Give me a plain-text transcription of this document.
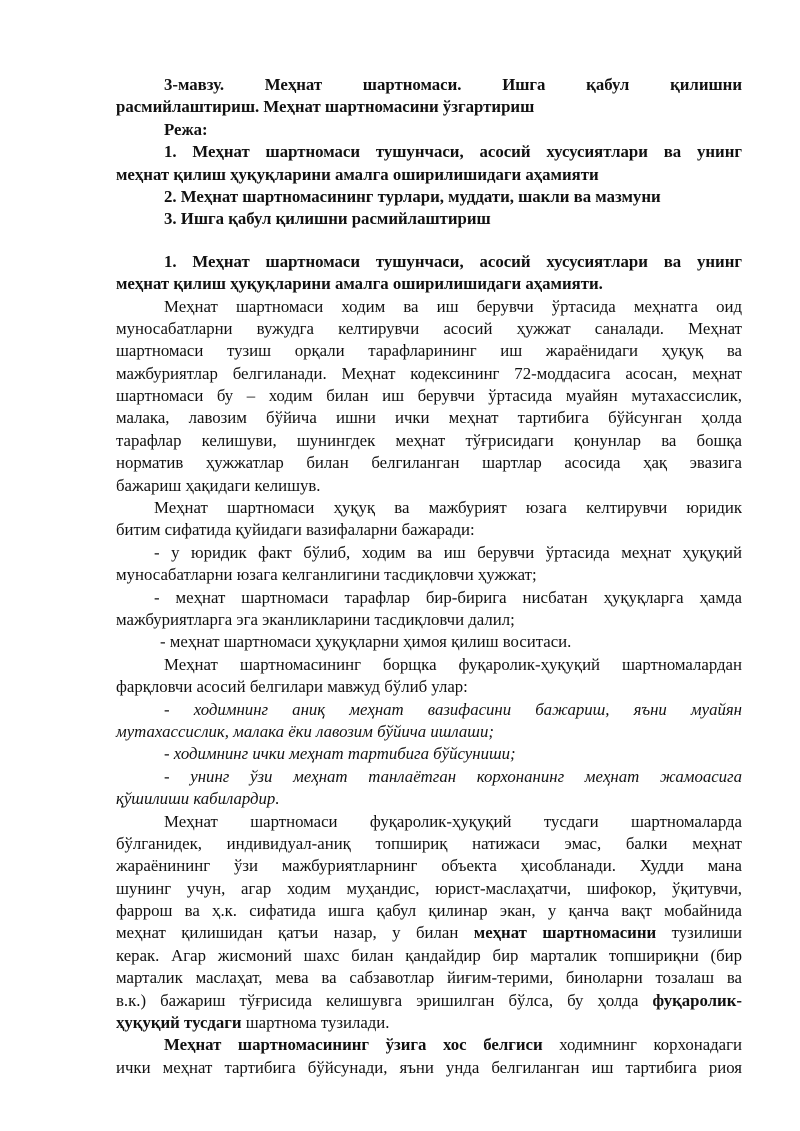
3-мавзу. Меҳнат шартномаси. Ишга қабул қилишни
расмийлаштириш. Меҳнат шартномасини ўзгартириш
Режа:
1. Меҳнат шартномаси тушунчаси, асосий хусусиятлари ва унинг
меҳнат қилиш ҳуқуқларини амалга оширилишидаги аҳамияти
2. Меҳнат шартномасининг турлари, муддати, шакли ва мазмуни
3. Ишга қабул қилишни расмийлаштириш
1. Меҳнат шартномаси тушунчаси, асосий хусусиятлари ва унинг
меҳнат қилиш ҳуқуқларини амалга оширилишидаги аҳамияти.
Меҳнат шартномаси ходим ва иш берувчи ўртасида меҳнатга оид
муносабатларни вужудга келтирувчи асосий ҳужжат саналади. Меҳнат
шартномаси тузиш орқали тарафларининг иш жараёнидаги ҳуқуқ ва
мажбуриятлар белгиланади. Меҳнат кодексининг 72-моддасига асосан, меҳнат
шартномаси бу – ходим билан иш берувчи ўртасида муайян мутахассислик,
малака, лавозим бўйича ишни ички меҳнат тартибига бўйсунган ҳолда
тарафлар келишуви, шунингдек меҳнат тўғрисидаги қонунлар ва бошқа
норматив ҳужжатлар билан белгиланган шартлар асосида ҳақ эвазига
бажариш ҳақидаги келишув.
Меҳнат шартномаси ҳуқуқ ва мажбурият юзага келтирувчи юридик
битим сифатида қуйидаги вазифаларни бажаради:
- у юридик факт бўлиб, ходим ва иш берувчи ўртасида меҳнат ҳуқуқий
муносабатларни юзага келганлигини тасдиқловчи ҳужжат;
- меҳнат шартномаси тарафлар бир-бирига нисбатан ҳуқуқларга ҳамда
мажбуриятларга эга эканликларини тасдиқловчи далил;
- меҳнат шартномаси ҳуқуқларни ҳимоя қилиш воситаси.
Меҳнат шартномасининг борщка фуқаролик-ҳуқуқий шартномалардан
фарқловчи асосий белгилари мавжуд бўлиб улар:
- ходимнинг аниқ меҳнат вазифасини бажариш, яъни муайян
мутахассислик, малака ёки лавозим бўйича ишлаши;
- ходимнинг ички меҳнат тартибига бўйсуниши;
- унинг ўзи меҳнат танлаётган корхонанинг меҳнат жамоасига
қўшилиши кабилардир.
Меҳнат шартномаси фуқаролик-ҳуқуқий тусдаги шартномаларда
бўлганидек, индивидуал-аниқ топшириқ натижаси эмас, балки меҳнат
жараёнининг ўзи мажбуриятларнинг объекта ҳисобланади. Худди мана
шунинг учун, агар ходим муҳандис, юрист-маслаҳатчи, шифокор, ўқитувчи,
фаррош ва ҳ.к. сифатида ишга қабул қилинар экан, у қанча вақт мобайнида
меҳнат қилишидан қатъи назар, у билан меҳнат шартномасини тузилиши
керак. Агар жисмоний шахс билан қандайдир бир марталик топшириқни (бир
марталик маслаҳат, мева ва сабзавотлар йиғим-терими, биноларни тозалаш ва
в.к.) бажариш тўғрисида келишувга эришилган бўлса, бу ҳолда фуқаролик-
ҳуқуқий тусдаги шартнома тузилади.
Меҳнат шартномасининг ўзига хос белгиси ходимнинг корхонадаги
ички меҳнат тартибига бўйсунади, яъни унда белгиланган иш тартибига риоя
